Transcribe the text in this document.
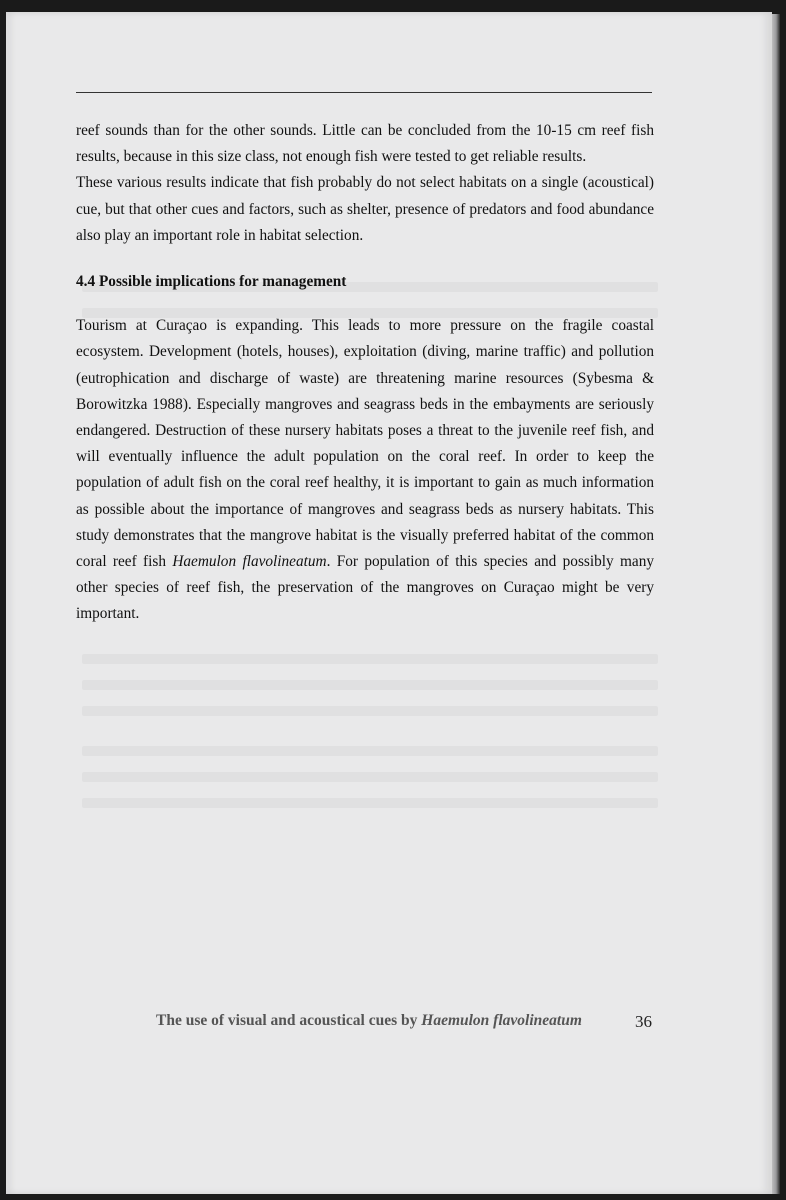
reef sounds than for the other sounds. Little can be concluded from the 10-15 cm reef fish results, because in this size class, not enough fish were tested to get reliable results.

These various results indicate that fish probably do not select habitats on a single (acoustical) cue, but that other cues and factors, such as shelter, presence of predators and food abundance also play an important role in habitat selection.

4.4 Possible implications for management

Tourism at Curaçao is expanding. This leads to more pressure on the fragile coastal ecosystem. Development (hotels, houses), exploitation (diving, marine traffic) and pollution (eutrophication and discharge of waste) are threatening marine resources (Sybesma & Borowitzka 1988). Especially mangroves and seagrass beds in the embayments are seriously endangered. Destruction of these nursery habitats poses a threat to the juvenile reef fish, and will eventually influence the adult population on the coral reef. In order to keep the population of adult fish on the coral reef healthy, it is important to gain as much information as possible about the importance of mangroves and seagrass beds as nursery habitats. This study demonstrates that the mangrove habitat is the visually preferred habitat of the common coral reef fish Haemulon flavolineatum. For population of this species and possibly many other species of reef fish, the preservation of the mangroves on Curaçao might be very important.

The use of visual and acoustical cues by Haemulon flavolineatum	36
